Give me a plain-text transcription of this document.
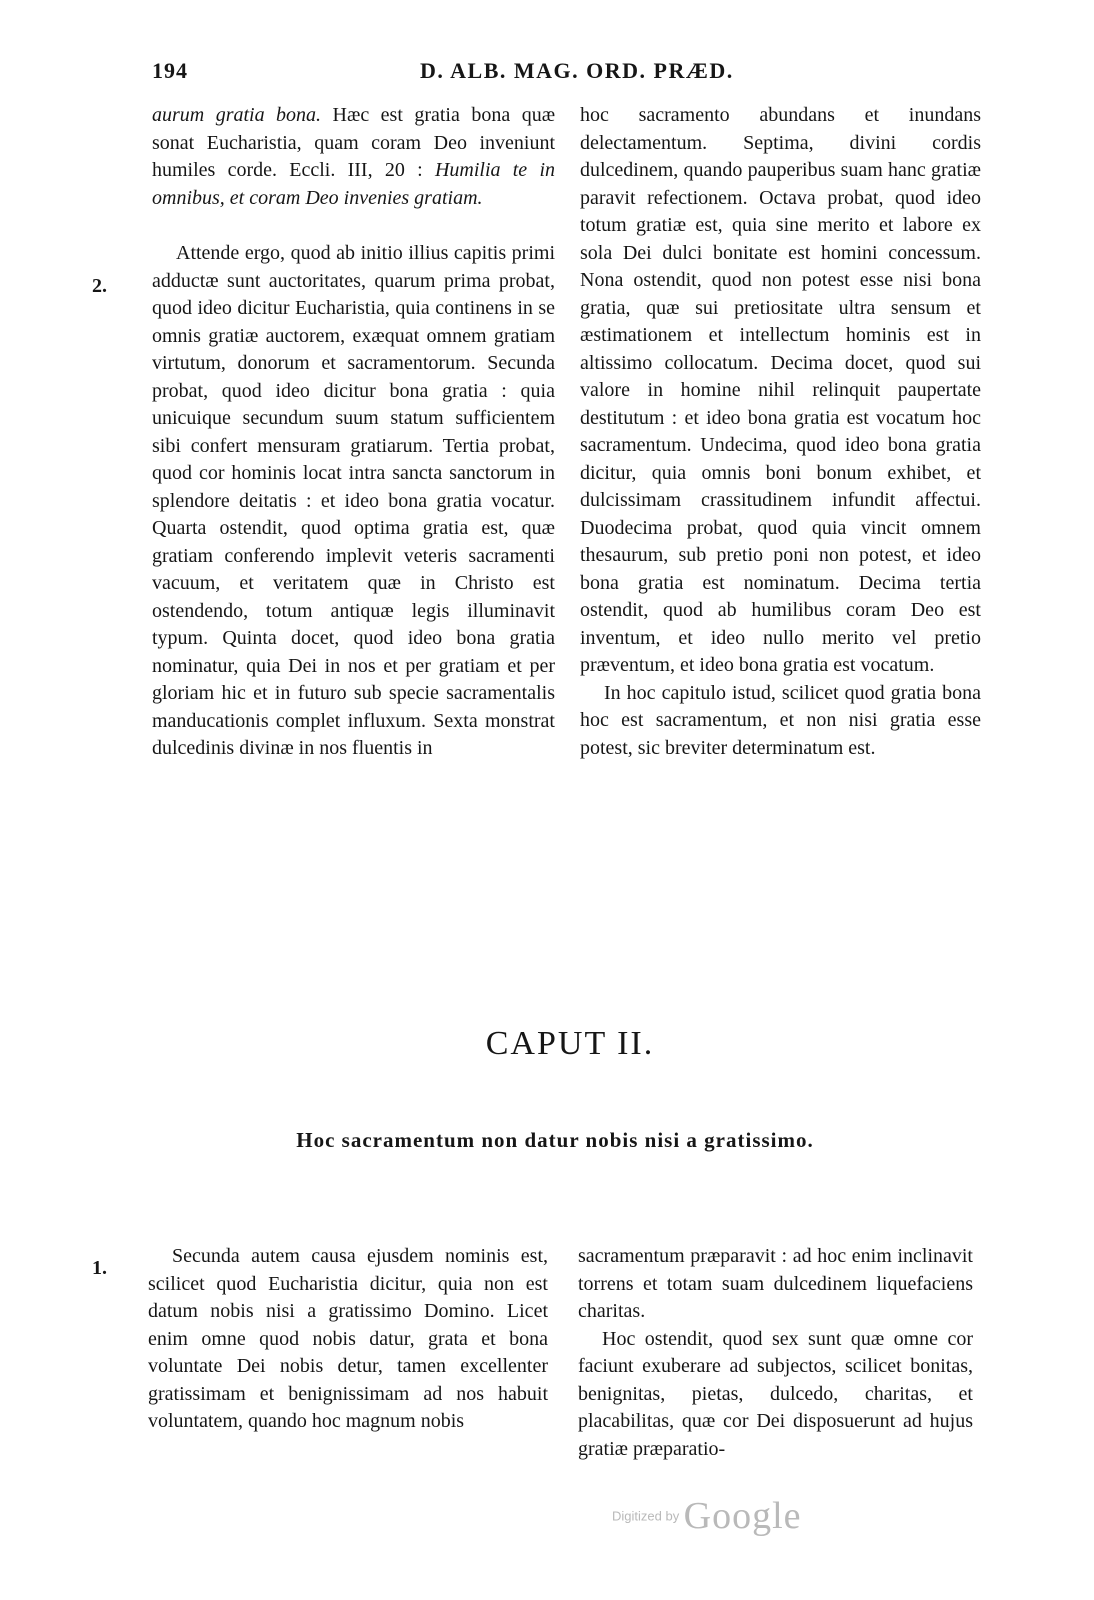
194	D. ALB. MAG. ORD. PRÆD.

aurum gratia bona. Hæc est gratia bona quæ sonat Eucharistia, quam coram Deo inveniunt humiles corde. Eccli. III, 20 : Humilia te in omnibus, et coram Deo invenies gratiam.

Attende ergo, quod ab initio illius capitis primi adductæ sunt auctoritates, quarum prima probat, quod ideo dicitur Eucharistia, quia continens in se omnis gratiæ auctorem, exæquat omnem gratiam virtutum, donorum et sacramentorum. Secunda probat, quod ideo dicitur bona gratia : quia unicuique secundum suum statum sufficientem sibi confert mensuram gratiarum. Tertia probat, quod cor hominis locat intra sancta sanctorum in splendore deitatis : et ideo bona gratia vocatur. Quarta ostendit, quod optima gratia est, quæ gratiam conferendo implevit veteris sacramenti vacuum, et veritatem quæ in Christo est ostendendo, totum antiquæ legis illuminavit typum. Quinta docet, quod ideo bona gratia nominatur, quia Dei in nos et per gratiam et per gloriam hic et in futuro sub specie sacramentalis manducationis complet influxum. Sexta monstrat dulcedinis divinæ in nos fluentis in

2.

hoc sacramento abundans et inundans delectamentum. Septima, divini cordis dulcedinem, quando pauperibus suam hanc gratiæ paravit refectionem. Octava probat, quod ideo totum gratiæ est, quia sine merito et labore ex sola Dei dulci bonitate est homini concessum. Nona ostendit, quod non potest esse nisi bona gratia, quæ sui pretiositate ultra sensum et æstimationem et intellectum hominis est in altissimo collocatum. Decima docet, quod sui valore in homine nihil relinquit paupertate destitutum : et ideo bona gratia est vocatum hoc sacramentum. Undecima, quod ideo bona gratia dicitur, quia omnis boni bonum exhibet, et dulcissimam crassitudinem infundit affectui. Duodecima probat, quod quia vincit omnem thesaurum, sub pretio poni non potest, et ideo bona gratia est nominatum. Decima tertia ostendit, quod ab humilibus coram Deo est inventum, et ideo nullo merito vel pretio præventum, et ideo bona gratia est vocatum.

In hoc capitulo istud, scilicet quod gratia bona hoc est sacramentum, et non nisi gratia esse potest, sic breviter determinatum est.

CAPUT II.
Hoc sacramentum non datur nobis nisi a gratissimo.
1.

Secunda autem causa ejusdem nominis est, scilicet quod Eucharistia dicitur, quia non est datum nobis nisi a gratissimo Domino. Licet enim omne quod nobis datur, grata et bona voluntate Dei nobis detur, tamen excellenter gratissimam et benignissimam ad nos habuit voluntatem, quando hoc magnum nobis

sacramentum præparavit : ad hoc enim inclinavit torrens et totam suam dulcedinem liquefaciens charitas.

Hoc ostendit, quod sex sunt quæ omne cor faciunt exuberare ad subjectos, scilicet bonitas, benignitas, pietas, dulcedo, charitas, et placabilitas, quæ cor Dei disposuerunt ad hujus gratiæ præparatio-

Digitized by Google
